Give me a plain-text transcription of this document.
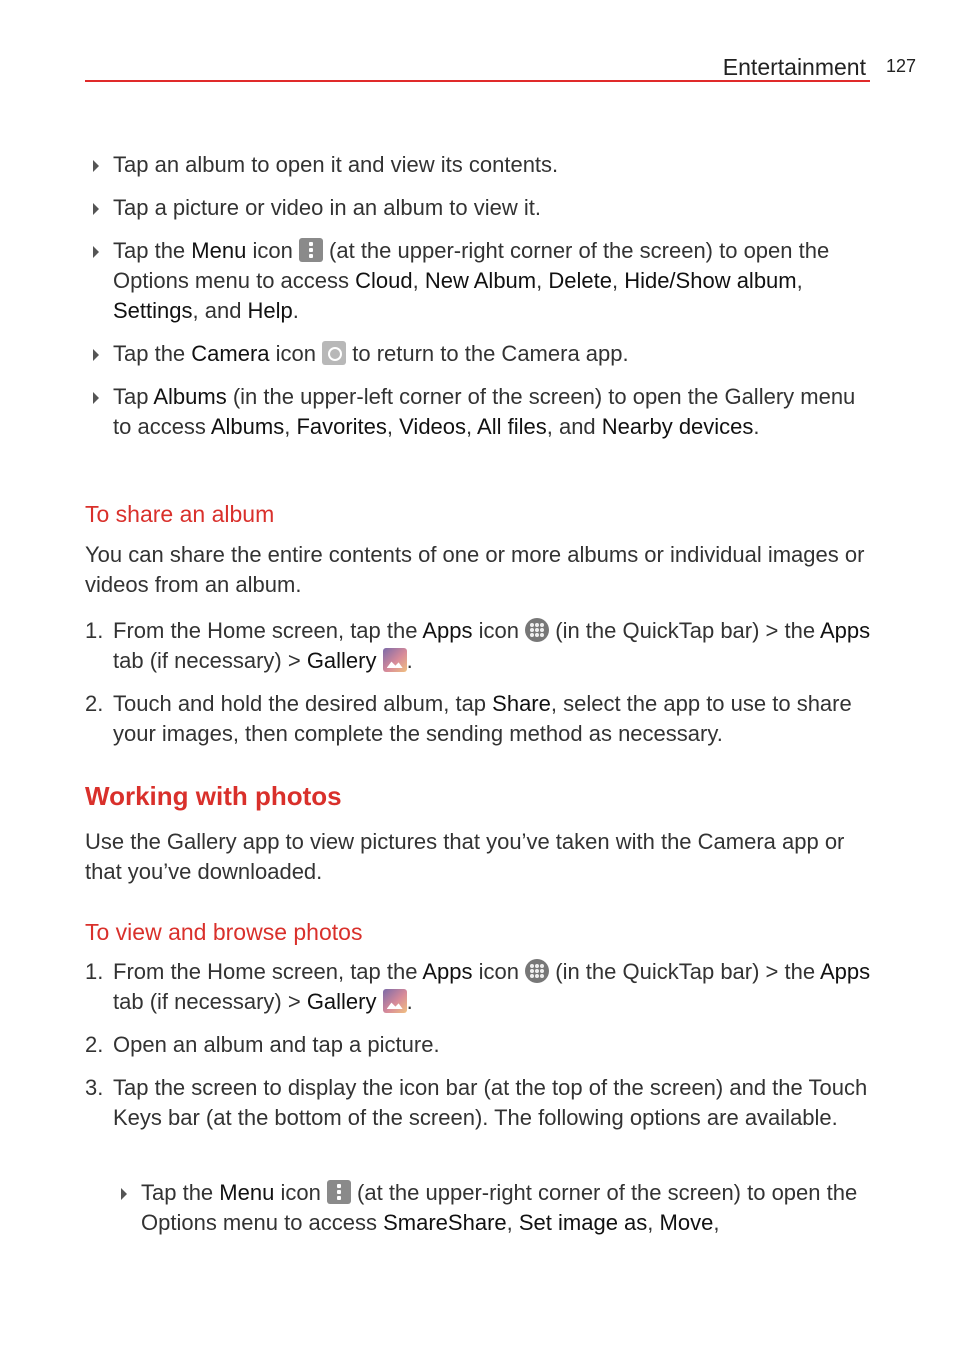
Entertainment 127
Tap an album to open it and view its contents.
Tap a picture or video in an album to view it.
Tap the Menu icon
(at the upper-right corner of the screen) to open the Options menu to access Cloud, New Album, Delete, Hide/Show album, Settings, and Help.
Tap the Camera icon
to return to the Camera app.
Tap Albums (in the upper-left corner of the screen) to open the Gallery menu to access Albums, Favorites, Videos, All files, and Nearby devices.
To share an album
You can share the entire contents of one or more albums or individual images or videos from an album.
1. From the Home screen, tap the Apps icon
(in the QuickTap bar) > the Apps tab (if necessary) > Gallery .
2. Touch and hold the desired album, tap Share, select the app to use to share your images, then complete the sending method as necessary.
Working with photos
Use the Gallery app to view pictures that you’ve taken with the Camera app or that you’ve downloaded.
To view and browse photos
1. From the Home screen, tap the Apps icon
(in the QuickTap bar) > the Apps tab (if necessary) > Gallery .
2. Open an album and tap a picture.
3. Tap the screen to display the icon bar (at the top of the screen) and the Touch Keys bar (at the bottom of the screen). The following options are available.
Tap the Menu icon
(at the upper-right corner of the screen) to open the Options menu to access SmareShare, Set image as, Move,
